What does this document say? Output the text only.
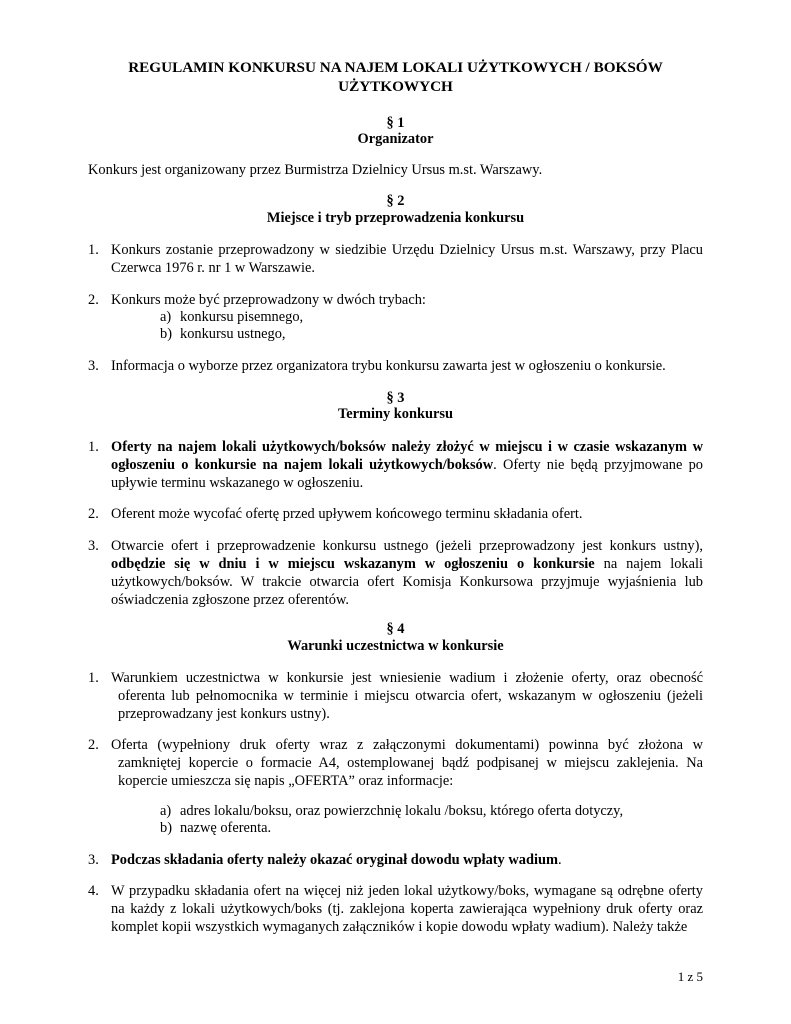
REGULAMIN KONKURSU NA NAJEM LOKALI UŻYTKOWYCH / BOKSÓW UŻYTKOWYCH
§ 1
Organizator
Konkurs jest organizowany przez Burmistrza Dzielnicy Ursus m.st. Warszawy.
§ 2
Miejsce i tryb przeprowadzenia konkursu
1. Konkurs zostanie przeprowadzony w siedzibie Urzędu Dzielnicy Ursus m.st. Warszawy, przy Placu Czerwca 1976 r. nr 1 w Warszawie.
2. Konkurs może być przeprowadzony w dwóch trybach:
a) konkursu pisemnego,
b) konkursu ustnego,
3. Informacja o wyborze przez organizatora trybu konkursu zawarta jest w ogłoszeniu o konkursie.
§ 3
Terminy konkursu
1. Oferty na najem lokali użytkowych/boksów należy złożyć w miejscu i w czasie wskazanym w ogłoszeniu o konkursie na najem lokali użytkowych/boksów. Oferty nie będą przyjmowane po upływie terminu wskazanego w ogłoszeniu.
2. Oferent może wycofać ofertę przed upływem końcowego terminu składania ofert.
3. Otwarcie ofert i przeprowadzenie konkursu ustnego (jeżeli przeprowadzony jest konkurs ustny), odbędzie się w dniu i w miejscu wskazanym w ogłoszeniu o konkursie na najem lokali użytkowych/boksów. W trakcie otwarcia ofert Komisja Konkursowa przyjmuje wyjaśnienia lub oświadczenia zgłoszone przez oferentów.
§ 4
Warunki uczestnictwa w konkursie
1. Warunkiem uczestnictwa w konkursie jest wniesienie wadium i złożenie oferty, oraz obecność oferenta lub pełnomocnika w terminie i miejscu otwarcia ofert, wskazanym w ogłoszeniu (jeżeli przeprowadzany jest konkurs ustny).
2. Oferta (wypełniony druk oferty wraz z załączonymi dokumentami) powinna być złożona w zamkniętej kopercie o formacie A4, ostemplowanej bądź podpisanej w miejscu zaklejenia. Na kopercie umieszcza się napis „OFERTA” oraz informacje:
a) adres lokalu/boksu, oraz powierzchnię lokalu /boksu, którego oferta dotyczy,
b) nazwę oferenta.
3. Podczas składania oferty należy okazać oryginał dowodu wpłaty wadium.
4. W przypadku składania ofert na więcej niż jeden lokal użytkowy/boks, wymagane są odrębne oferty na każdy z lokali użytkowych/boks (tj. zaklejona koperta zawierająca wypełniony druk oferty oraz komplet kopii wszystkich wymaganych załączników i kopie dowodu wpłaty wadium). Należy także
1 z 5
